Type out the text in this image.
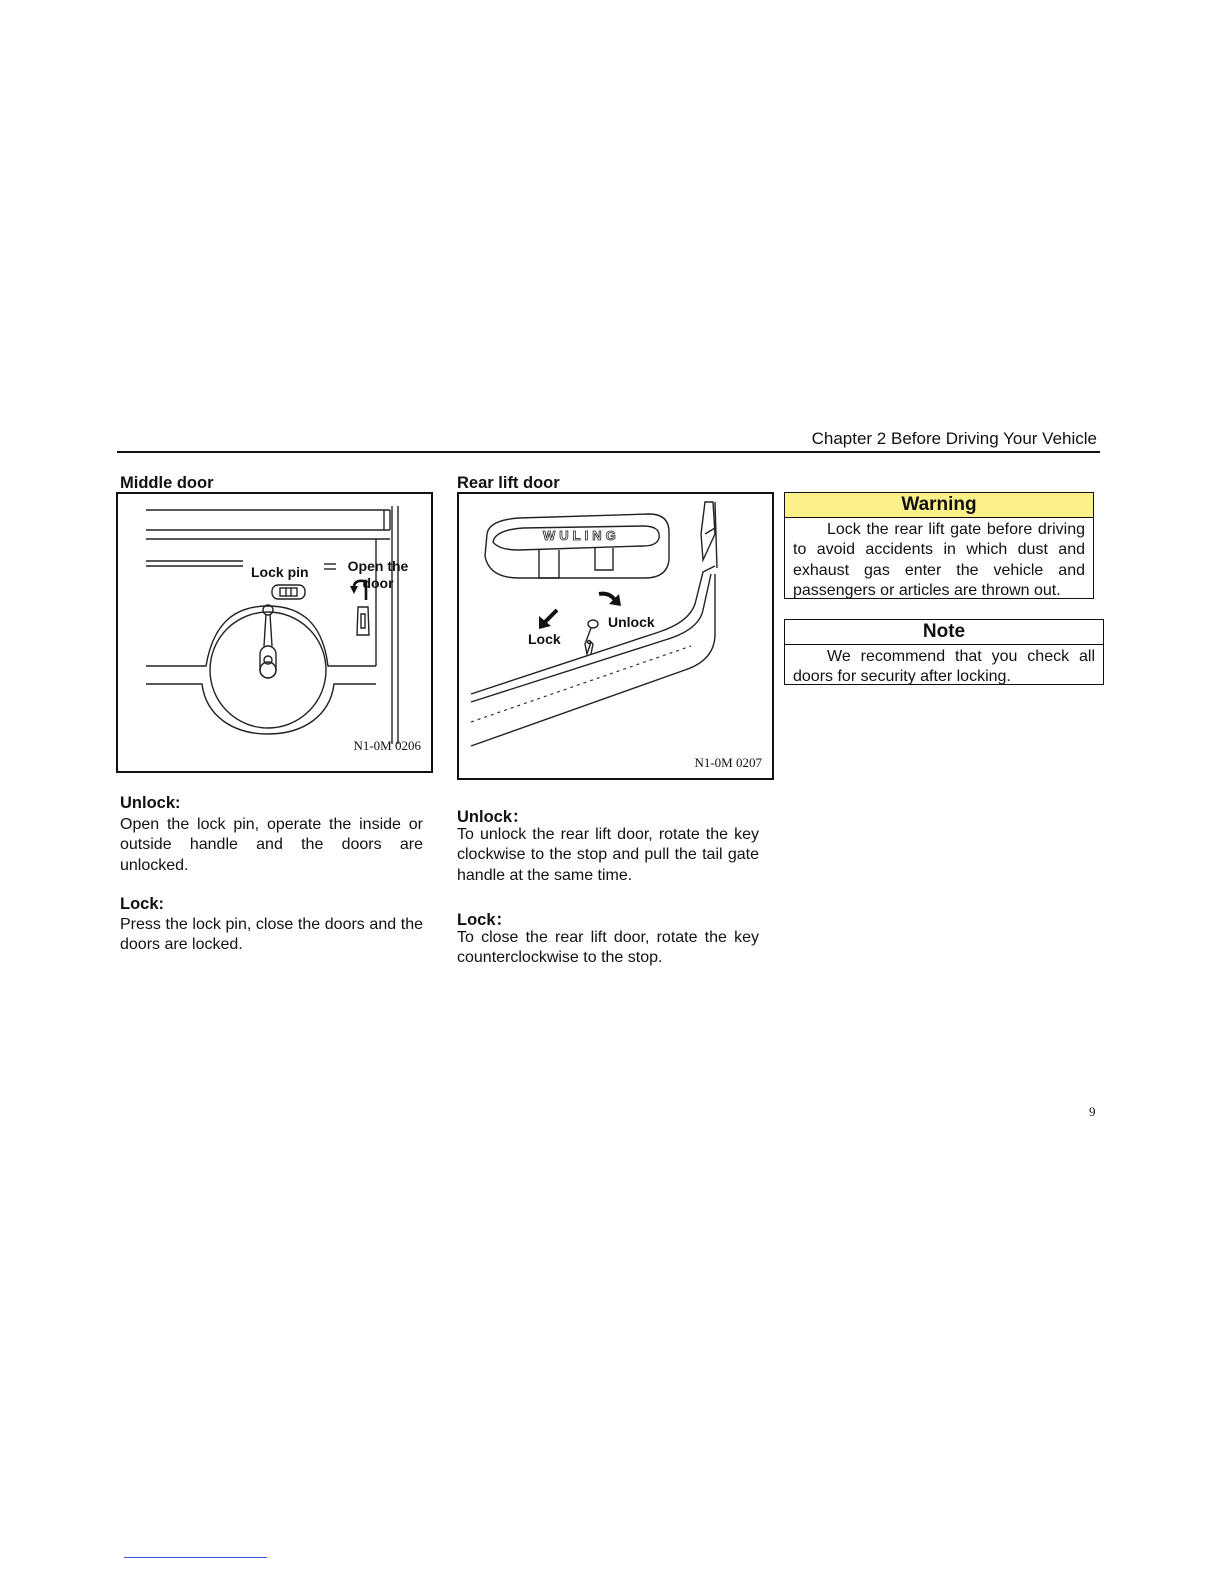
Chapter 2 Before Driving Your Vehicle
Middle door
Lock pin	Open the
door
N1-0M 0206
Unlock:
Open the lock pin, operate the inside or outside handle and the doors are unlocked.
Lock:
Press the lock pin, close the doors and the doors are locked.
Rear lift door
WULING
Lock
Unlock
N1-0M 0207
Unlock：
To unlock the rear lift door, rotate the key clockwise to the stop and pull the tail gate handle at the same time.
Lock：
To close the rear lift door, rotate the key counterclockwise to the stop.
Warning
Lock the rear lift gate before driving to avoid accidents in which dust and exhaust gas enter the vehicle and passengers or articles are thrown out.
Note
We recommend that you check all doors for security after locking.
9
